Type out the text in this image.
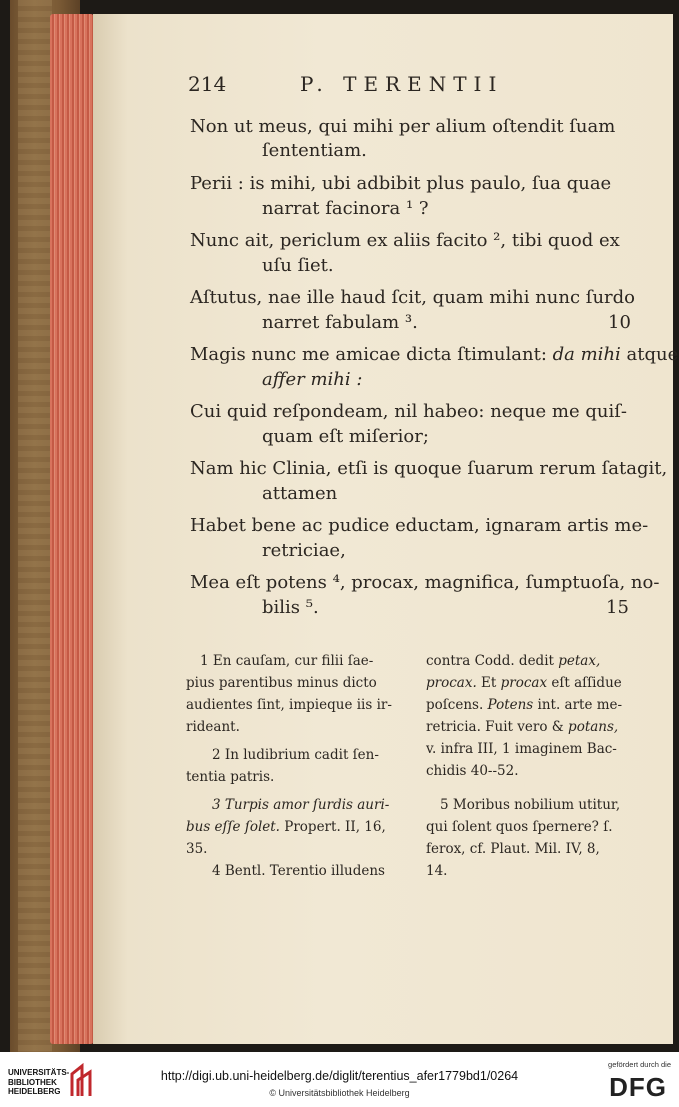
214	P. TERENTII
Non ut meus, qui mihi per alium oſtendit ſuam
ſententiam.
Perii : is mihi, ubi adbibit plus paulo, ſua quae
narrat facinora ¹ ?
Nunc ait, periclum ex aliis facito ², tibi quod ex
uſu ſiet.
Aſtutus, nae ille haud ſcit, quam mihi nunc ſurdo
narret fabulam ³.	10
Magis nunc me amicae dicta ſtimulant: da mihi atque
affer mihi :
Cui quid reſpondeam, nil habeo: neque me quiſ-
quam eſt miſerior;
Nam hic Clinia, etſi is quoque ſuarum rerum ſatagit,
attamen
Habet bene ac pudice eductam, ignaram artis me-
retriciae,
Mea eſt potens ⁴, procax, magnifica, ſumptuoſa, no-
bilis ⁵.	15
1 En cauſam, cur filii ſae-
pius parentibus minus dicto
audientes ſint, impieque iis ir-
rideant.
2 In ludibrium cadit ſen-
tentia patris.
3 Turpis amor ſurdis auri-
bus eſſe ſolet. Propert. II, 16,
35.
4 Bentl. Terentio illudens
contra Codd. dedit petax,
procax. Et procax eſt aſſidue
poſcens. Potens int. arte me-
retricia. Fuit vero & potans,
v. infra III, 1 imaginem Bac-
chidis 40--52.
5 Moribus nobilium utitur,
qui ſolent quos ſpernere? ſ.
ferox, cf. Plaut. Mil. IV, 8,
14.
UNIVERSITÄTS-
BIBLIOTHEK
HEIDELBERG
http://digi.ub.uni-heidelberg.de/diglit/terentius_afer1779bd1/0264
© Universitätsbibliothek Heidelberg
gefördert durch die
DFG
